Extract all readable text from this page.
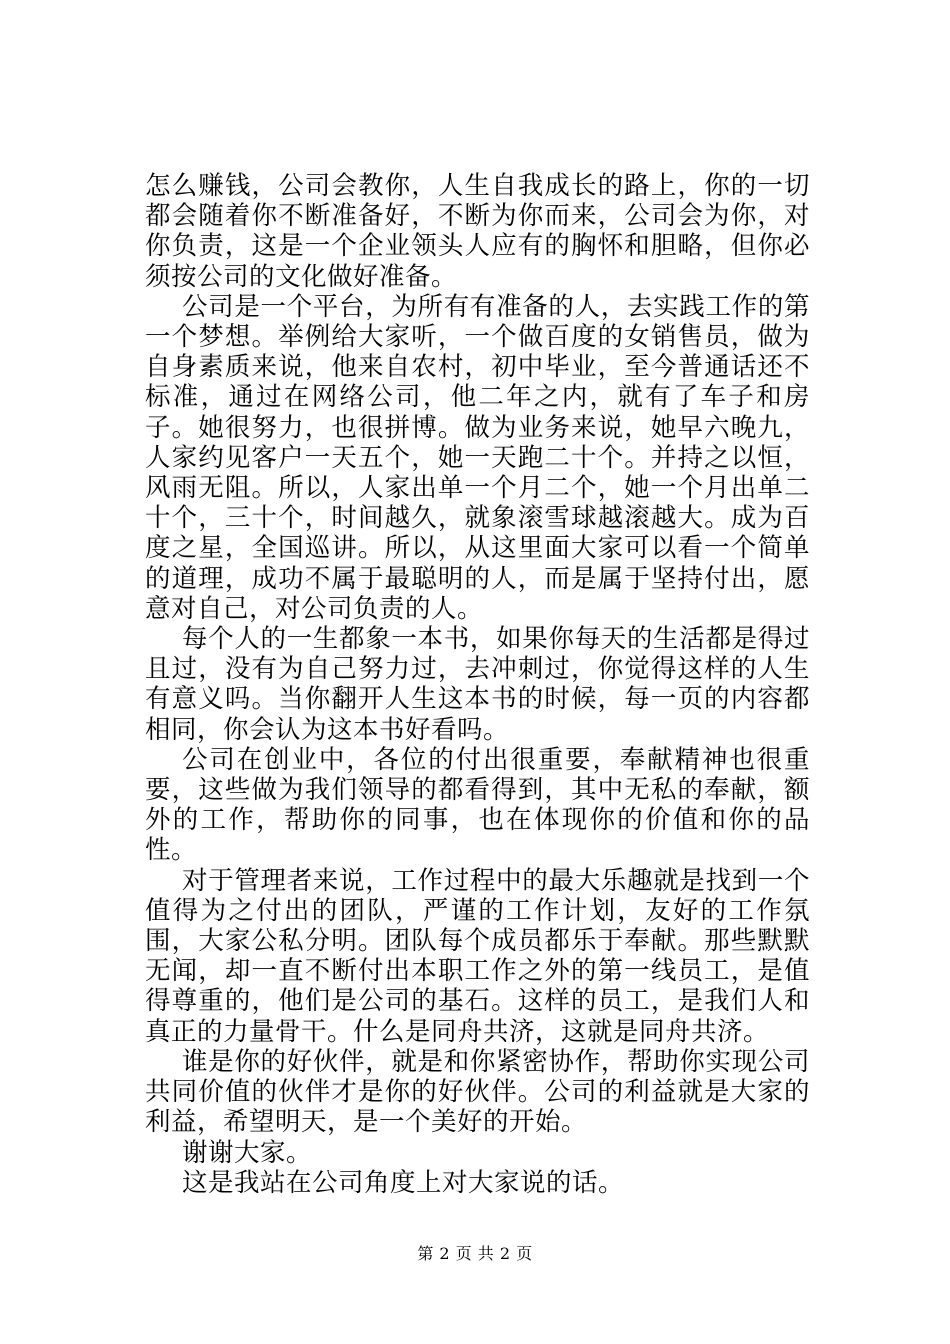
怎么赚钱，公司会教你，人生自我成长的路上，你的一切都会随着你不断准备好，不断为你而来，公司会为你，对你负责，这是一个企业领头人应有的胸怀和胆略，但你必须按公司的文化做好准备。

公司是一个平台，为所有有准备的人，去实践工作的第一个梦想。举例给大家听，一个做百度的女销售员，做为自身素质来说，他来自农村，初中毕业，至今普通话还不标准，通过在网络公司，他二年之内，就有了车子和房子。她很努力，也很拼博。做为业务来说，她早六晚九，人家约见客户一天五个，她一天跑二十个。并持之以恒，风雨无阻。所以，人家出单一个月二个，她一个月出单二十个，三十个，时间越久，就象滚雪球越滚越大。成为百度之星，全国巡讲。所以，从这里面大家可以看一个简单的道理，成功不属于最聪明的人，而是属于坚持付出，愿意对自己，对公司负责的人。

每个人的一生都象一本书，如果你每天的生活都是得过且过，没有为自己努力过，去冲刺过，你觉得这样的人生有意义吗。当你翻开人生这本书的时候，每一页的内容都相同，你会认为这本书好看吗。

公司在创业中，各位的付出很重要，奉献精神也很重要，这些做为我们领导的都看得到，其中无私的奉献，额外的工作，帮助你的同事，也在体现你的价值和你的品性。

对于管理者来说，工作过程中的最大乐趣就是找到一个值得为之付出的团队，严谨的工作计划，友好的工作氛围，大家公私分明。团队每个成员都乐于奉献。那些默默无闻，却一直不断付出本职工作之外的第一线员工，是值得尊重的，他们是公司的基石。这样的员工，是我们人和真正的力量骨干。什么是同舟共济，这就是同舟共济。

谁是你的好伙伴，就是和你紧密协作，帮助你实现公司共同价值的伙伴才是你的好伙伴。公司的利益就是大家的利益，希望明天，是一个美好的开始。

谢谢大家。

这是我站在公司角度上对大家说的话。

第 2 页 共 2 页
